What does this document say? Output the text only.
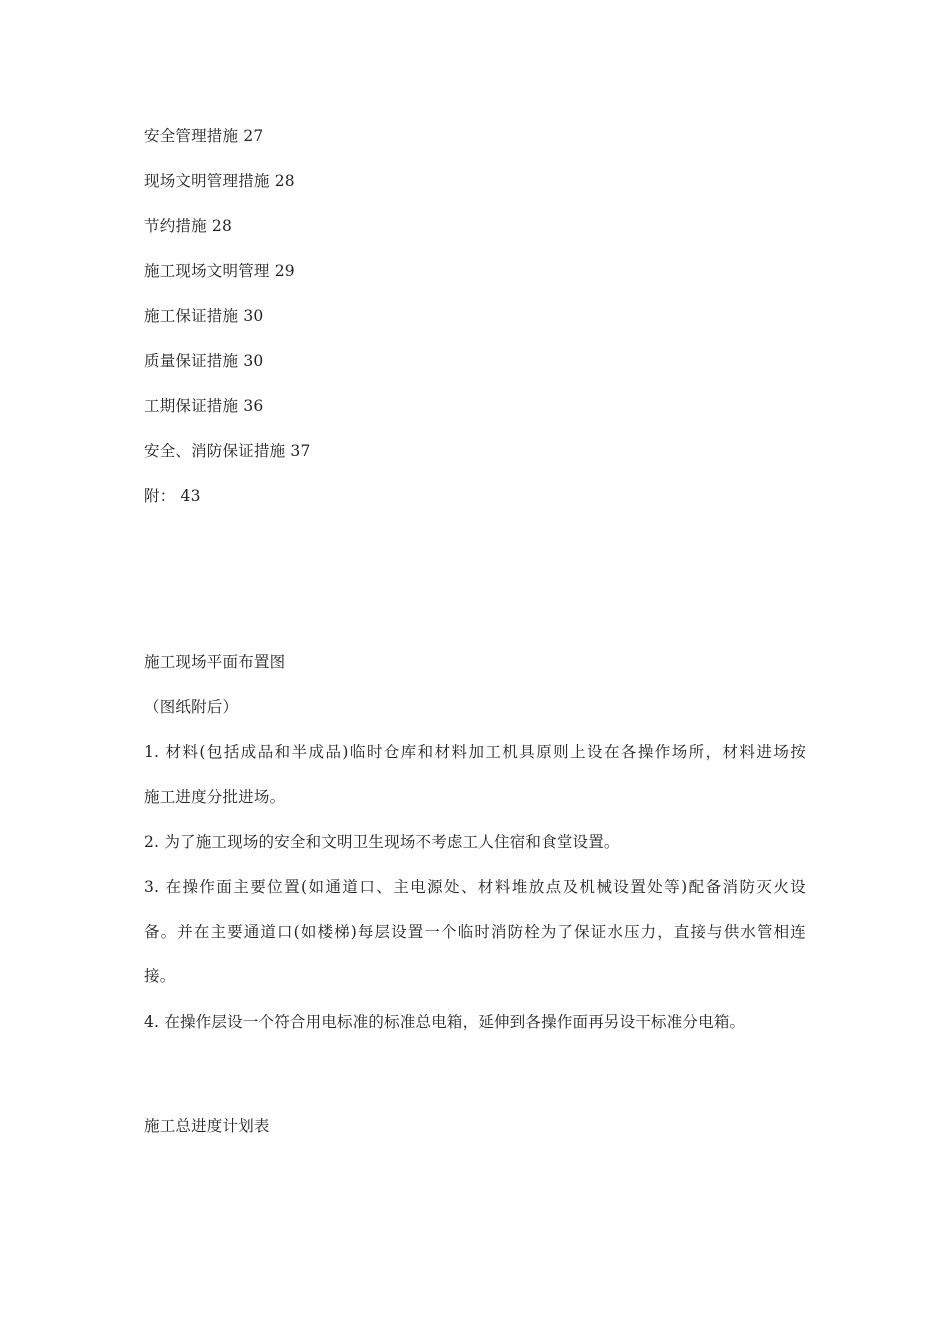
安全管理措施 27
现场文明管理措施 28
节约措施 28
施工现场文明管理 29
施工保证措施 30
质量保证措施 30
工期保证措施 36
安全、消防保证措施 37
附： 43
施工现场平面布置图
（图纸附后）
1. 材料(包括成品和半成品)临时仓库和材料加工机具原则上设在各操作场所，材料进场按
施工进度分批进场。
2. 为了施工现场的安全和文明卫生现场不考虑工人住宿和食堂设置。
3. 在操作面主要位置(如通道口、主电源处、材料堆放点及机械设置处等)配备消防灭火设
备。并在主要通道口(如楼梯)每层设置一个临时消防栓为了保证水压力，直接与供水管相连
接。
4. 在操作层设一个符合用电标准的标准总电箱，延伸到各操作面再另设干标准分电箱。
施工总进度计划表
